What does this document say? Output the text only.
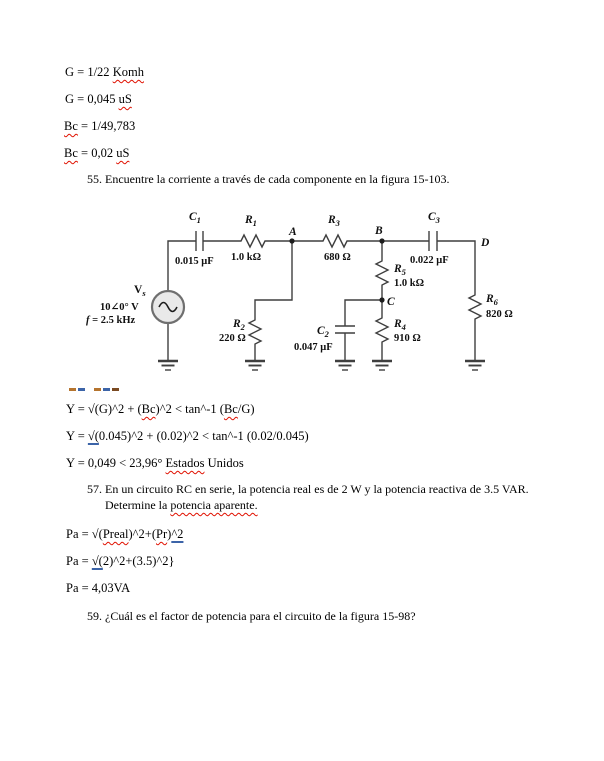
G = 1/22 Komh
G = 0,045 uS
Bc = 1/49,783
Bc = 0,02 uS
55. Encuentre la corriente a través de cada componente en la figura 15-103.
$C_1$
0.015 μF
$R_1$
1.0 kΩ
A
$R_3$
680 Ω
B
$C_3$
0.022 μF
D
$R_5$
1.0 kΩ
C
$R_2$
220 Ω
$C_2$
0.047 μF
$R_4$
910 Ω
$R_6$
820 Ω
$V_s$
10∠0° V
f = 2.5 kHz
Y = √(G)^2 + (Bc)^2 < tan^-1 (Bc/G)
Y = √(0.045)^2 + (0.02)^2 < tan^-1 (0.02/0.045)
Y = 0,049 < 23,96° Estados Unidos
57. En un circuito RC en serie, la potencia real es de 2 W y la potencia reactiva de 3.5 VAR.
Determine la potencia aparente.
Pa = √(Preal)^2+(Pr)^2
Pa = √(2)^2+(3.5)^2}
Pa = 4,03VA
59. ¿Cuál es el factor de potencia para el circuito de la figura 15-98?
